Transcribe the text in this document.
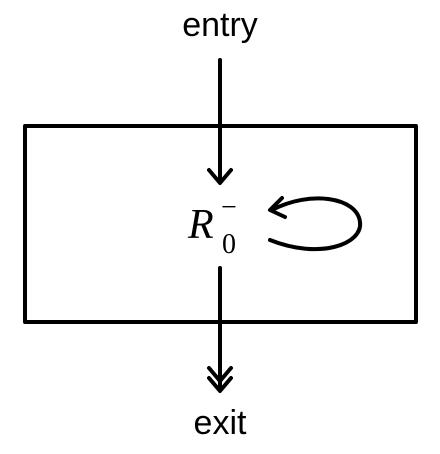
entry
R − 0
exit
